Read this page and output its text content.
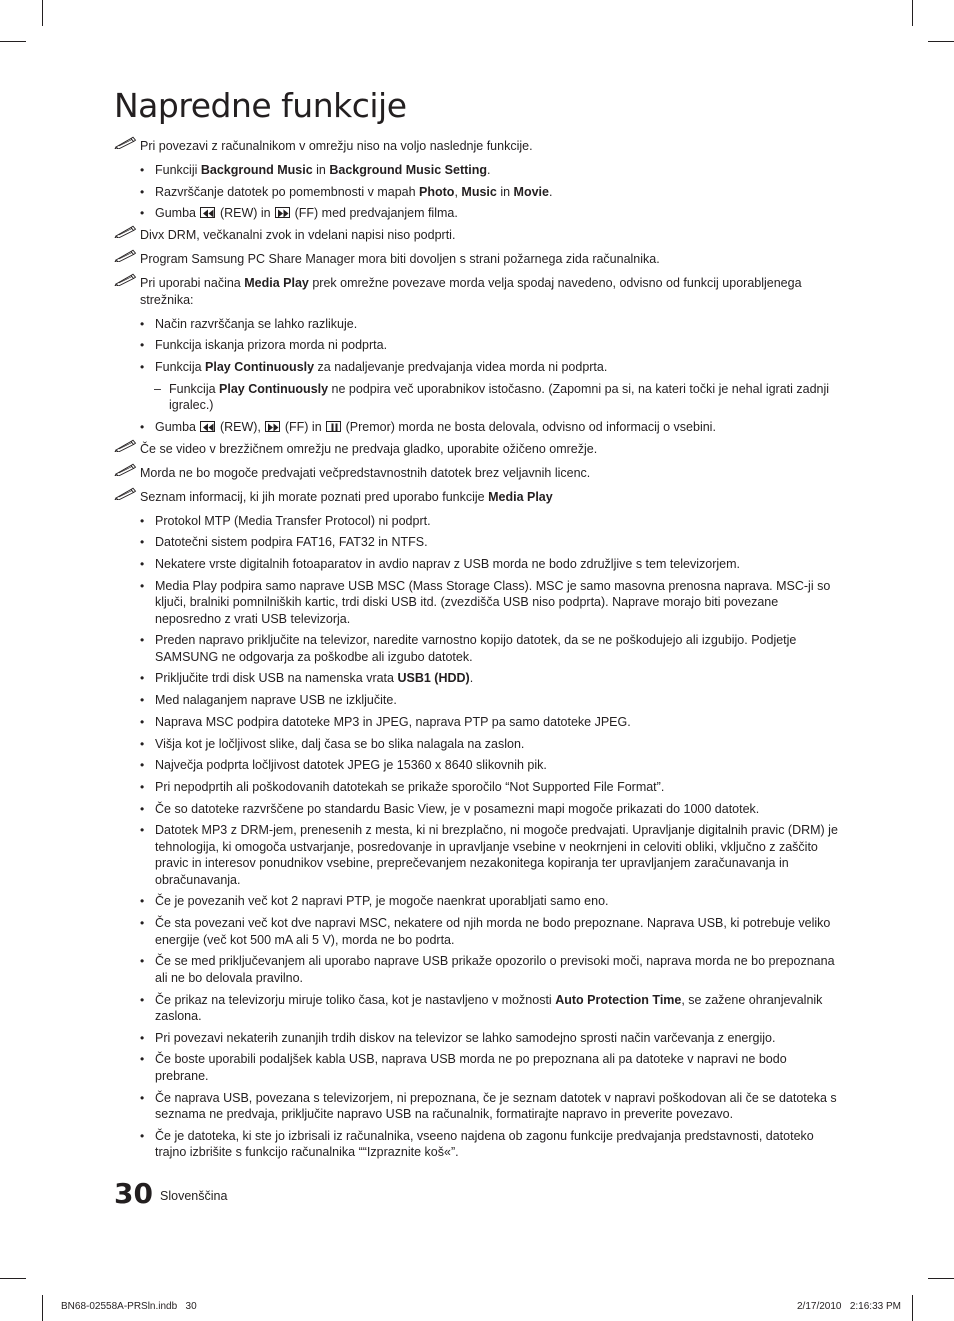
Napredne funkcije
Pri povezavi z računalnikom v omrežju niso na voljo naslednje funkcije.
• Funkciji Background Music in Background Music Setting.
• Razvrščanje datotek po pomembnosti v mapah Photo, Music in Movie.
• Gumba
(REW) in
(FF) med predvajanjem filma.
Divx DRM, večkanalni zvok in vdelani napisi niso podprti.
Program Samsung PC Share Manager mora biti dovoljen s strani požarnega zida računalnika.
Pri uporabi načina Media Play prek omrežne povezave morda velja spodaj navedeno, odvisno od funkcij uporabljenega strežnika:
• Način razvrščanja se lahko razlikuje.
• Funkcija iskanja prizora morda ni podprta.
• Funkcija Play Continuously za nadaljevanje predvajanja videa morda ni podprta.
– Funkcija Play Continuously ne podpira več uporabnikov istočasno. (Zapomni pa si, na kateri točki je nehal igrati zadnji igralec.)
• Gumba
(REW),
(FF) in
(Premor) morda ne bosta delovala, odvisno od informacij o vsebini.
Če se video v brezžičnem omrežju ne predvaja gladko, uporabite ožičeno omrežje.
Morda ne bo mogoče predvajati večpredstavnostnih datotek brez veljavnih licenc.
Seznam informacij, ki jih morate poznati pred uporabo funkcije Media Play
• Protokol MTP (Media Transfer Protocol) ni podprt.
• Datotečni sistem podpira FAT16, FAT32 in NTFS.
• Nekatere vrste digitalnih fotoaparatov in avdio naprav z USB morda ne bodo združljive s tem televizorjem.
• Media Play podpira samo naprave USB MSC (Mass Storage Class). MSC je samo masovna prenosna naprava. MSC-ji so ključi, bralniki pomnilniških kartic, trdi diski USB itd. (zvezdišča USB niso podprta). Naprave morajo biti povezane neposredno z vrati USB televizorja.
• Preden napravo priključite na televizor, naredite varnostno kopijo datotek, da se ne poškodujejo ali izgubijo. Podjetje SAMSUNG ne odgovarja za poškodbe ali izgubo datotek.
• Priključite trdi disk USB na namenska vrata USB1 (HDD).
• Med nalaganjem naprave USB ne izključite.
• Naprava MSC podpira datoteke MP3 in JPEG, naprava PTP pa samo datoteke JPEG.
• Višja kot je ločljivost slike, dalj časa se bo slika nalagala na zaslon.
• Največja podprta ločljivost datotek JPEG je 15360 x 8640 slikovnih pik.
• Pri nepodprtih ali poškodovanih datotekah se prikaže sporočilo “Not Supported File Format”.
• Če so datoteke razvrščene po standardu Basic View, je v posamezni mapi mogoče prikazati do 1000 datotek.
• Datotek MP3 z DRM-jem, prenesenih z mesta, ki ni brezplačno, ni mogoče predvajati. Upravljanje digitalnih pravic (DRM) je tehnologija, ki omogoča ustvarjanje, posredovanje in upravljanje vsebine v neokrnjeni in celoviti obliki, vključno z zaščito pravic in interesov ponudnikov vsebine, preprečevanjem nezakonitega kopiranja ter upravljanjem zaračunavanja in obračunavanja.
• Če je povezanih več kot 2 napravi PTP, je mogoče naenkrat uporabljati samo eno.
• Če sta povezani več kot dve napravi MSC, nekatere od njih morda ne bodo prepoznane. Naprava USB, ki potrebuje veliko energije (več kot 500 mA ali 5 V), morda ne bo podrta.
• Če se med priključevanjem ali uporabo naprave USB prikaže opozorilo o previsoki moči, naprava morda ne bo prepoznana ali ne bo delovala pravilno.
• Če prikaz na televizorju miruje toliko časa, kot je nastavljeno v možnosti Auto Protection Time, se zažene ohranjevalnik zaslona.
• Pri povezavi nekaterih zunanjih trdih diskov na televizor se lahko samodejno sprosti način varčevanja z energijo.
• Če boste uporabili podaljšek kabla USB, naprava USB morda ne po prepoznana ali pa datoteke v napravi ne bodo prebrane.
• Če naprava USB, povezana s televizorjem, ni prepoznana, če je seznam datotek v napravi poškodovan ali če se datoteka s seznama ne predvaja, priključite napravo USB na računalnik, formatirajte napravo in preverite povezavo.
• Če je datoteka, ki ste jo izbrisali iz računalnika, vseeno najdena ob zagonu funkcije predvajanja predstavnosti, datoteko trajno izbrišite s funkcijo računalnika ““Izpraznite koš«”.
30 Slovenščina
BN68-02558A-PRSln.indb 30	2/17/2010   2:16:33 PM
